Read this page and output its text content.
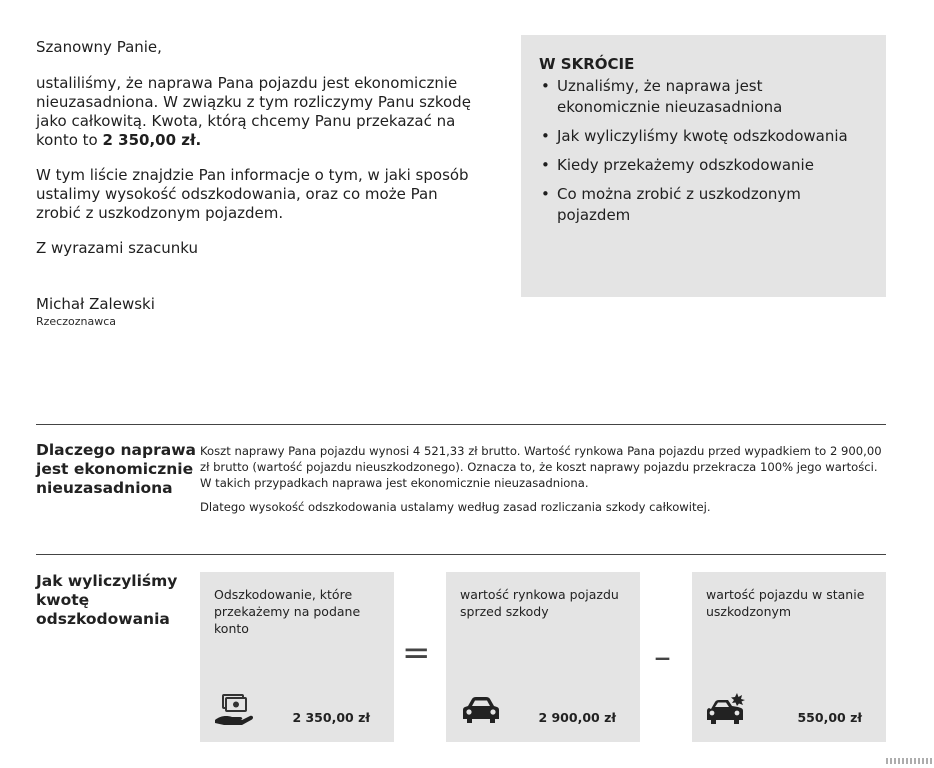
Szanowny Panie,

ustaliliśmy, że naprawa Pana pojazdu jest ekonomicznie nieuzasadniona. W związku z tym rozliczymy Panu szkodę jako całkowitą. Kwota, którą chcemy Panu przekazać na konto to 2 350,00 zł.

W tym liście znajdzie Pan informacje o tym, w jaki sposób ustalimy wysokość odszkodowania, oraz co może Pan zrobić z uszkodzonym pojazdem.

Z wyrazami szacunku

Michał Zalewski

Rzeczoznawca

W SKRÓCIE

• Uznaliśmy, że naprawa jest ekonomicznie nieuzasadniona
• Jak wyliczyliśmy kwotę odszkodowania
• Kiedy przekażemy odszkodowanie
• Co można zrobić z uszkodzonym pojazdem
Dlaczego naprawa jest ekonomicznie nieuzasadniona

Koszt naprawy Pana pojazdu wynosi 4 521,33 zł brutto. Wartość rynkowa Pana pojazdu przed wypadkiem to 2 900,00 zł brutto (wartość pojazdu nieuszkodzonego). Oznacza to, że koszt naprawy pojazdu przekracza 100% jego wartości. W takich przypadkach naprawa jest ekonomicznie nieuzasadniona.

Dlatego wysokość odszkodowania ustalamy według zasad rozliczania szkody całkowitej.

Jak wyliczyliśmy kwotę odszkodowania
Odszkodowanie, które przekażemy na podane konto
2 350,00 zł
=
wartość rynkowa pojazdu sprzed szkody
2 900,00 zł
–
wartość pojazdu w stanie uszkodzonym
550,00 zł
